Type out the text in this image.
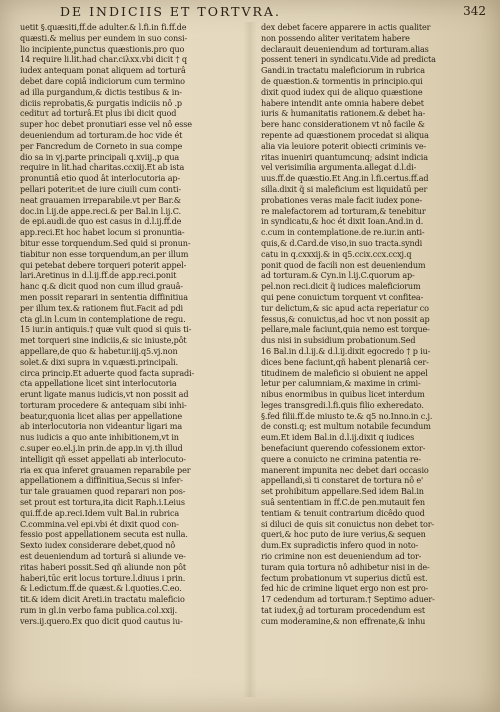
DE INDICIIS ET TORTVRA.	342
uetit §.quæsiti,ff.de adulter.& l.fi.in fi.ff.de
quæsti.& melius per eundem in suo consi-
lio incipiente,punctus quæstionis.pro quo
14 require li.lit.had char.ciλxx.vbi dicit † q
iudex antequam ponat aliquem ad torturâ
debet dare copiâ indiciorum cum termino
ad illa purgandum,& dictis testibus & in-
diciis reprobatis,& purgatis indiciis nô .p
cedituτ ad torturâ.Et plus ibi dicit quod
super hoc debet pronutiari esse vel nô esse
deueniendum ad torturam.de hoc vide ét
per Fancredum de Corneto in sua compe
dio sa in vj.parte principali q.xviij.,p qua
require in lit.had charitas.ccxiij.Et ab ista
pronuntiâ etio quod ât interlocutoria ap-
pellari poterit:et de iure ciuili cum conti-
neat grauamen irreparabile.vt per Bar.&
doc.in l.ij.de appe.reci.& per Bal.in l.ij.C.
de epi.audi.de quo est casus in d.l.ij.ff.de
app.reci.Et hoc habet locum si pronuntia-
bitur esse torquendum.Sed quid si pronun-
tiabitur non esse torquendum,an per illum
qui petebat debere torqueri poterit appel-
lari.Aretinus in d.l.ij.ff.de app.reci.ponit
hanc q.& dicit quod non cum illud grauâ-
men possit reparari in sententia diffinitiua
per illum tex.& rationem fiut.Facit ad pdi
cta gl.in l.cum in contemplatione de regu.
15 iur.in antiquis.† quæ vult quod si quis ti-
met torqueri sine indiciis,& sic iniuste,pôt
appellare,de quo & habetur.iij.q5.vj.non
solet.& dixi supra in v.quæsti.principali.
circa princip.Et aduerte quod facta supradi-
cta appellatione licet sint interlocutoria
erunt ligate manus iudicis,vt non possit ad
torturam procedere & antequam sibi inhi-
beatur,quonia licet alias per appellatione
ab interlocutoria non videantur ligari ma
nus iudicis a quo ante inhibitionem,vt in
c.super eo.el.j.in prin.de app.in vj.th illud
intelligit qñ esset appellati ab interlocuto-
ria ex qua inferet grauamen reparabile per
appellationem a diffinitiua,Secus si infer-
tur tale grauamen quod reparari non pos-
set prout est tortura,ita dicit Raph.i.Leius
qui.ff.de ap.reci.Idem vult Bal.in rubrica
C.commina.vel epi.vbi ét dixit quod con-
fessio post appellationem secuta est nulla.
Sexto iudex considerare debet,quod nô
est deueniendum ad torturâ si aliunde ve-
ritas haberi possit.Sed qñ aliunde non pôt
haberi,tūc erit locus torture.l.diuus i prin.
& l.edictum.ff.de quæst.& l.quoties.C.eo.
tit.& idem dicit Areti.in tractatu maleficio
rum in gl.in verbo fama publica.col.xxij.
vers.ij.quero.Ex quo dicit quod cautus iu-
dex debet facere apparere in actis qualiter
non possendo aliter veritatem habere
declarauit deueniendum ad torturam.alias
possent teneri in syndicatu.Vide ad predicta
Gandi.in tractatu maleficiorum in rubrica
de quæstion.& tormentis in principio.qui
dixit quod iudex qui de aliquo quæstione
habere intendit ante omnia habere debet
iuris & humanitatis rationem.& debet ha-
bere hanc considerationem vt nô facile &
repente ad quæstionem procedat si aliqua
alia via leuiore poterit obiecti criminis ve-
ritas inueniri quantumcunq; adsint indicia
vel verisimilia argumenta.allegat d.l.di-
uus.ff.de quæstio.Et Ang.in l.fi.certus.ff.ad
silla.dixit q̃ si maleficium est liquidatū per
probationes veras male facit iudex pone-
re malefactorem ad torturam,& tenebitur
in syndicatu,& hoc ét dixit Ioan.And.in d.
c.cum in contemplatione.de re.iur.in anti-
quis,& d.Card.de viso,in suo tracta.syndi
catu in q.cxxxij.& in q5.ccix.ccx.ccxj.q
ponit quod de facili non est deueniendum
ad torturam.& Cyn.in l.ij.C.quorum ap-
pel.non reci.dicit q̃ iudices maleficiorum
qui pene conuictum torquent vt confitea-
tur delictum,& sic apud acta reperiatur co
fessus,& conuictus,ad hoc vt non possit ap
pellare,male faciunt,quia nemo est torque-
dus nisi in subsidium probationum.Sed
16 Bal.in d.l.ij.& d.l.ij.dixit egocredo † p iu-
dices bene faciunt,qñ habent plenariâ cer-
titudinem de maleficio si obuient ne appel
letur per calumniam,& maxime in crimi-
nibus enormibus in quibus licet interdum
leges transgredi.l.fi.quis filio exheredato.
§.fed filii.ff.de miusto te.& q5 no.Inno.in c.j.
de consti.q; est multum notabile fecundum
eum.Et idem Bal.in d.l.ij.dixit q iudices
benefaciunt querendo cofessionem extor-
quere a conuicto ne crimina patentia re-
manerent impunita nec debet dari occasio
appellandi,sì ti constaret de tortura nô e'
set prohibitum appellare.Sed idem Bal.in
suâ sententiam in ff.C.de pen.mutauit fen
tentiam & tenuit contrarium dicêdo quod
si diluci de quis sit conuictus non debet tor-
queri,& hoc puto de iure verius,& sequen
dum.Ex supradictis infero quod in noto-
rio crimine non est deueniendum ad tor-
turam quia tortura nô adhibetur nisi in de-
fectum probationum vt superius dictū est.
fed hic de crimine liquet ergo non est pro-
17 cedendum ad torturam.† Septimo aduer-
tat iudex,ḡ ad torturam procedendum est
cum moderamine,& non effrenate,& inhu
